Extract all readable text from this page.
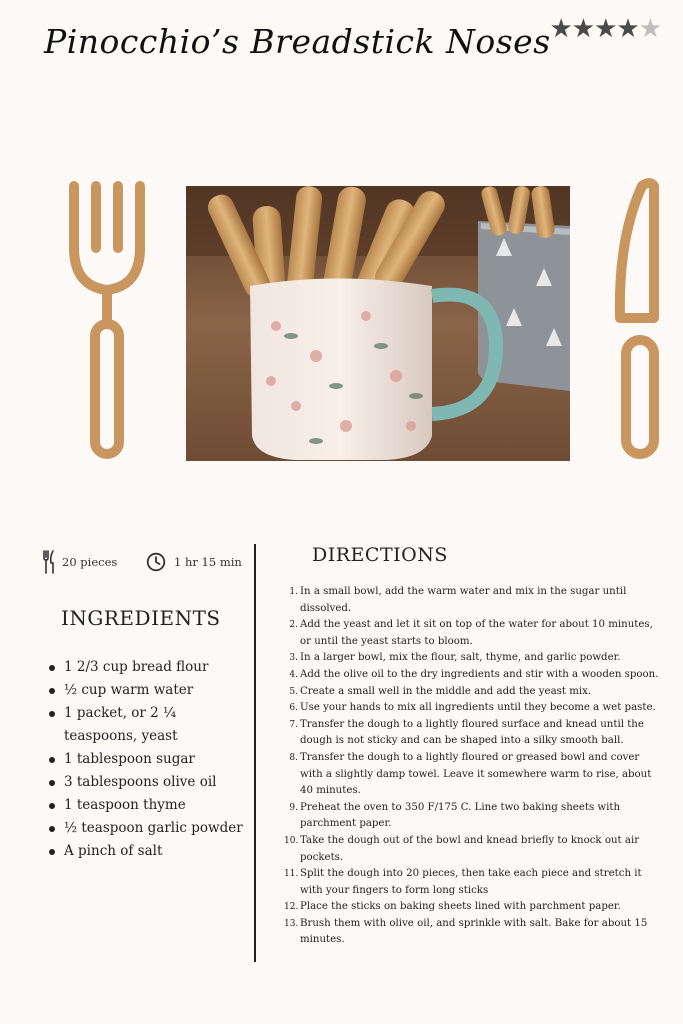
Pinocchio’s Breadstick Noses
★★★★★
20 pieces	1 hr 15 min
INGREDIENTS
1 2/3 cup bread flour
½ cup warm water
1 packet, or 2 ¼ teaspoons, yeast
1 tablespoon sugar
3 tablespoons olive oil
1 teaspoon thyme
½ teaspoon garlic powder
A pinch of salt
DIRECTIONS
1. In a small bowl, add the warm water and mix in the sugar until dissolved.
2. Add the yeast and let it sit on top of the water for about 10 minutes, or until the yeast starts to bloom.
3. In a larger bowl, mix the flour, salt, thyme, and garlic powder.
4. Add the olive oil to the dry ingredients and stir with a wooden spoon.
5. Create a small well in the middle and add the yeast mix.
6. Use your hands to mix all ingredients until they become a wet paste.
7. Transfer the dough to a lightly floured surface and knead until the dough is not sticky and can be shaped into a silky smooth ball.
8. Transfer the dough to a lightly floured or greased bowl and cover with a slightly damp towel. Leave it somewhere warm to rise, about 40 minutes.
9. Preheat the oven to 350 F/175 C. Line two baking sheets with parchment paper.
10. Take the dough out of the bowl and knead briefly to knock out air pockets.
11. Split the dough into 20 pieces, then take each piece and stretch it with your fingers to form long sticks
12. Place the sticks on baking sheets lined with parchment paper.
13. Brush them with olive oil, and sprinkle with salt. Bake for about 15 minutes.
